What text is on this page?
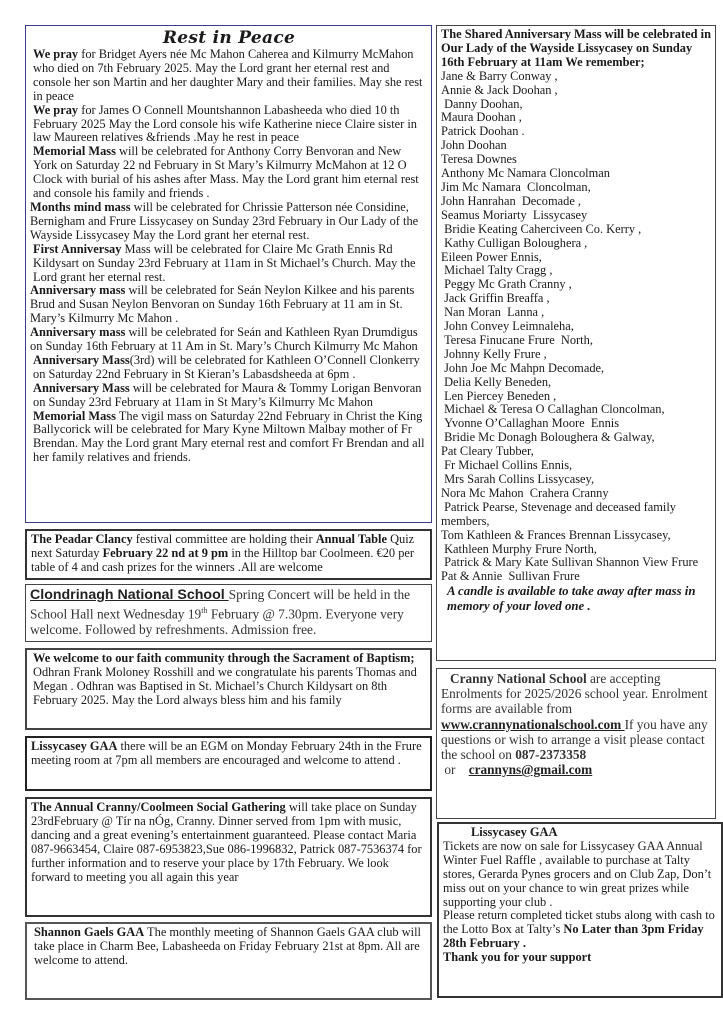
Rest in Peace

We pray for Bridget Ayers née Mc Mahon Caherea and Kilmurry McMahon who died on 7th February 2025. May the Lord grant her eternal rest and console her son Martin and her daughter Mary and their families. May she rest in peace

We pray for James O Connell Mountshannon Labasheeda who died 10 th February 2025 May the Lord console his wife Katherine niece Claire sister in law Maureen relatives &friends .May he rest in peace

Memorial Mass will be celebrated for Anthony Corry Benvoran and New York on Saturday 22 nd February in St Mary’s Kilmurry McMahon at 12 O Clock with burial of his ashes after Mass. May the Lord grant him eternal rest and console his family and friends .

Months mind mass will be celebrated for Chrissie Patterson née Considine, Bernigham and Frure Lissycasey on Sunday 23rd February in Our Lady of the Wayside Lissycasey May the Lord grant her eternal rest.

First Anniversay Mass will be celebrated for Claire Mc Grath Ennis Rd Kildysart on Sunday 23rd February at 11am in St Michael’s Church. May the Lord grant her eternal rest.

Anniversary mass will be celebrated for Seán Neylon Kilkee and his parents Brud and Susan Neylon Benvoran on Sunday 16th February at 11 am in St. Mary’s Kilmurry Mc Mahon .

Anniversary mass will be celebrated for Seán and Kathleen Ryan Drumdigus on Sunday 16th February at 11 Am in St. Mary’s Church Kilmurry Mc Mahon

Anniversary Mass(3rd) will be celebrated for Kathleen O’Connell Clonkerry on Saturday 22nd February in St Kieran’s Labasdsheeda at 6pm .

Anniversary Mass will be celebrated for Maura & Tommy Lorigan Benvoran on Sunday 23rd February at 11am in St Mary’s Kilmurry Mc Mahon

Memorial Mass The vigil mass on Saturday 22nd February in Christ the King Ballycorick will be celebrated for Mary Kyne Miltown Malbay mother of Fr Brendan. May the Lord grant Mary eternal rest and comfort Fr Brendan and all her family relatives and friends.

The Peadar Clancy festival committee are holding their Annual Table Quiz next Saturday February 22 nd at 9 pm in the Hilltop bar Coolmeen. €20 per table of 4 and cash prizes for the winners .All are welcome

Clondrinagh National School Spring Concert will be held in the School Hall next Wednesday 19th February @ 7.30pm. Everyone very welcome. Followed by refreshments. Admission free.

We welcome to our faith community through the Sacrament of Baptism; Odhran Frank Moloney Rosshill and we congratulate his parents Thomas and Megan . Odhran was Baptised in St. Michael’s Church Kildysart on 8th February 2025. May the Lord always bless him and his family

Lissycasey GAA there will be an EGM on Monday February 24th in the Frure meeting room at 7pm all members are encouraged and welcome to attend .

The Annual Cranny/Coolmeen Social Gathering will take place on Sunday 23rdFebruary @ Tír na nÓg, Cranny. Dinner served from 1pm with music, dancing and a great evening’s entertainment guaranteed. Please contact Maria 087-9663454, Claire 087-6953823,Sue 086-1996832, Patrick 087-7536374 for further information and to reserve your place by 17th February. We look forward to meeting you all again this year

Shannon Gaels GAA The monthly meeting of Shannon Gaels GAA club will take place in Charm Bee, Labasheeda on Friday February 21st at 8pm. All are welcome to attend.

The Shared Anniversary Mass will be celebrated in Our Lady of the Wayside Lissycasey on Sunday 16th February at 11am We remember;

Jane & Barry Conway ,
Annie & Jack Doohan ,
Danny Doohan,
Maura Doohan ,
Patrick Doohan .
John Doohan
Teresa Downes
Anthony Mc Namara Cloncolman
Jim Mc Namara  Cloncolman,
John Hanrahan  Decomade ,
Seamus Moriarty  Lissycasey
Bridie Keating Caherciveen Co. Kerry ,
Kathy Culligan Boloughera ,
Eileen Power Ennis,
Michael Talty Cragg ,
Peggy Mc Grath Cranny ,
Jack Griffin Breaffa ,
Nan Moran  Lanna ,
John Convey Leimnaleha,
Teresa Finucane Frure  North,
Johnny Kelly Frure ,
John Joe Mc Mahpn Decomade,
Delia Kelly Beneden,
Len Piercey Beneden ,
Michael & Teresa O Callaghan Cloncolman,
Yvonne O’Callaghan Moore  Ennis
Bridie Mc Donagh Boloughera & Galway,
Pat Cleary Tubber,
Fr Michael Collins Ennis,
Mrs Sarah Collins Lissycasey,
Nora Mc Mahon  Crahera Cranny
Patrick Pearse, Stevenage and deceased family members,
Tom Kathleen & Frances Brennan Lissycasey,
Kathleen Murphy Frure North,
Patrick & Mary Kate Sullivan Shannon View Frure
Pat & Annie  Sullivan Frure

A candle is available to take away after mass in memory of your loved one .

Cranny National School are accepting Enrolments for 2025/2026 school year. Enrolment forms are available from www.crannynationalschool.com If you have any questions or wish to arrange a visit please contact the school on 087-2373358 or    crannyns@gmail.com

Lissycasey GAA

Tickets are now on sale for Lissycasey GAA Annual Winter Fuel Raffle , available to purchase at Talty stores, Gerarda Pynes grocers and on Club Zap, Don’t miss out on your chance to win great prizes while supporting your club .

Please return completed ticket stubs along with cash to the Lotto Box at Talty’s No Later than 3pm Friday 28th February .

Thank you for your support
